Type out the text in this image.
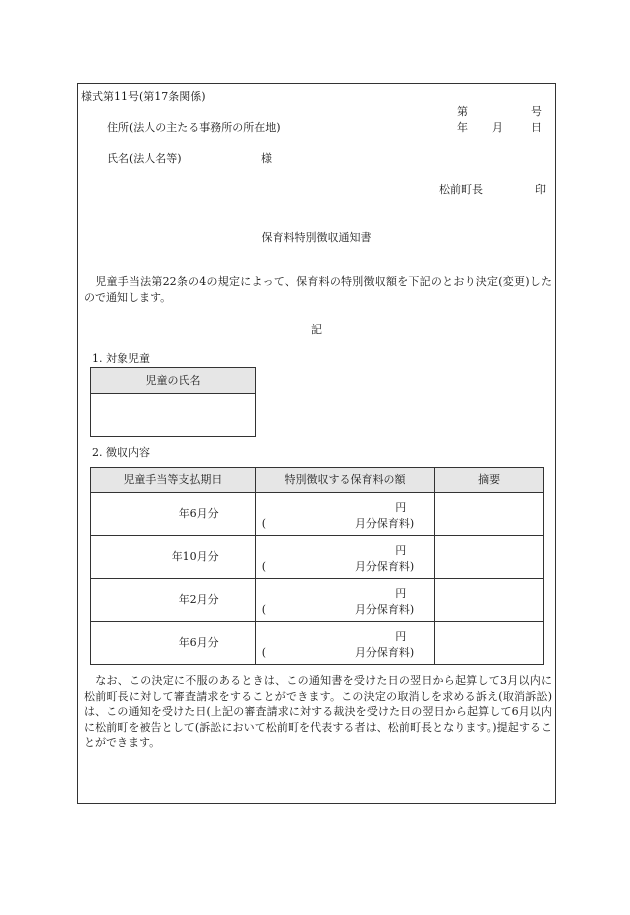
様式第11号(第17条関係)
第	号
年 月	日
住所(法人の主たる事務所の所在地)
氏名(法人名等)	様
松前町長	印
保育料特別徴収通知書
　児童手当法第22条の4の規定によって、保育料の特別徴収額を下記のとおり決定(変更)したので通知します。
記
1. 対象児童
児童の氏名

2. 徴収内容
児童手当等支払期日	特別徴収する保育料の額	摘要
年6月分	円
( 月分保育料)	

年10月分	円
( 月分保育料)	

年2月分	円
( 月分保育料)	

年6月分	円
( 月分保育料)	

　なお、この決定に不服のあるときは、この通知書を受けた日の翌日から起算して3月以内に松前町長に対して審査請求をすることができます。この決定の取消しを求める訴え(取消訴訟)は、この通知を受けた日(上記の審査請求に対する裁決を受けた日の翌日から起算して6月以内に松前町を被告として(訴訟において松前町を代表する者は、松前町長となります。)提起することができます。
